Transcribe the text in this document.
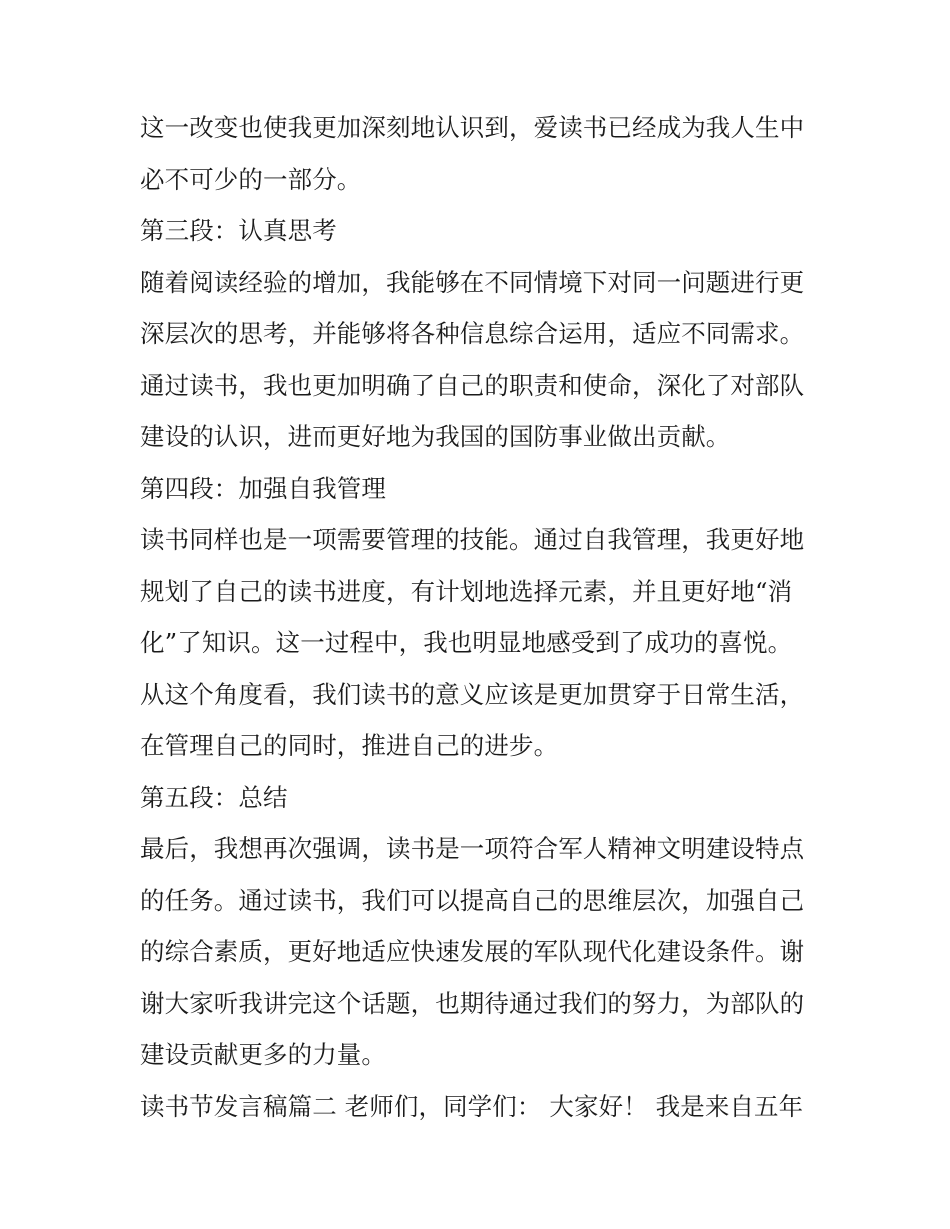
这一改变也使我更加深刻地认识到，爱读书已经成为我人生中
必不可少的一部分。
第三段：认真思考
随着阅读经验的增加，我能够在不同情境下对同一问题进行更
深层次的思考，并能够将各种信息综合运用，适应不同需求。
通过读书，我也更加明确了自己的职责和使命，深化了对部队
建设的认识，进而更好地为我国的国防事业做出贡献。
第四段：加强自我管理
读书同样也是一项需要管理的技能。通过自我管理，我更好地
规划了自己的读书进度，有计划地选择元素，并且更好地“消
化”了知识。这一过程中，我也明显地感受到了成功的喜悦。
从这个角度看，我们读书的意义应该是更加贯穿于日常生活，
在管理自己的同时，推进自己的进步。
第五段：总结
最后，我想再次强调，读书是一项符合军人精神文明建设特点
的任务。通过读书，我们可以提高自己的思维层次，加强自己
的综合素质，更好地适应快速发展的军队现代化建设条件。谢
谢大家听我讲完这个话题，也期待通过我们的努力，为部队的
建设贡献更多的力量。
读书节发言稿篇二 老师们，同学们： 大家好！ 我是来自五年
